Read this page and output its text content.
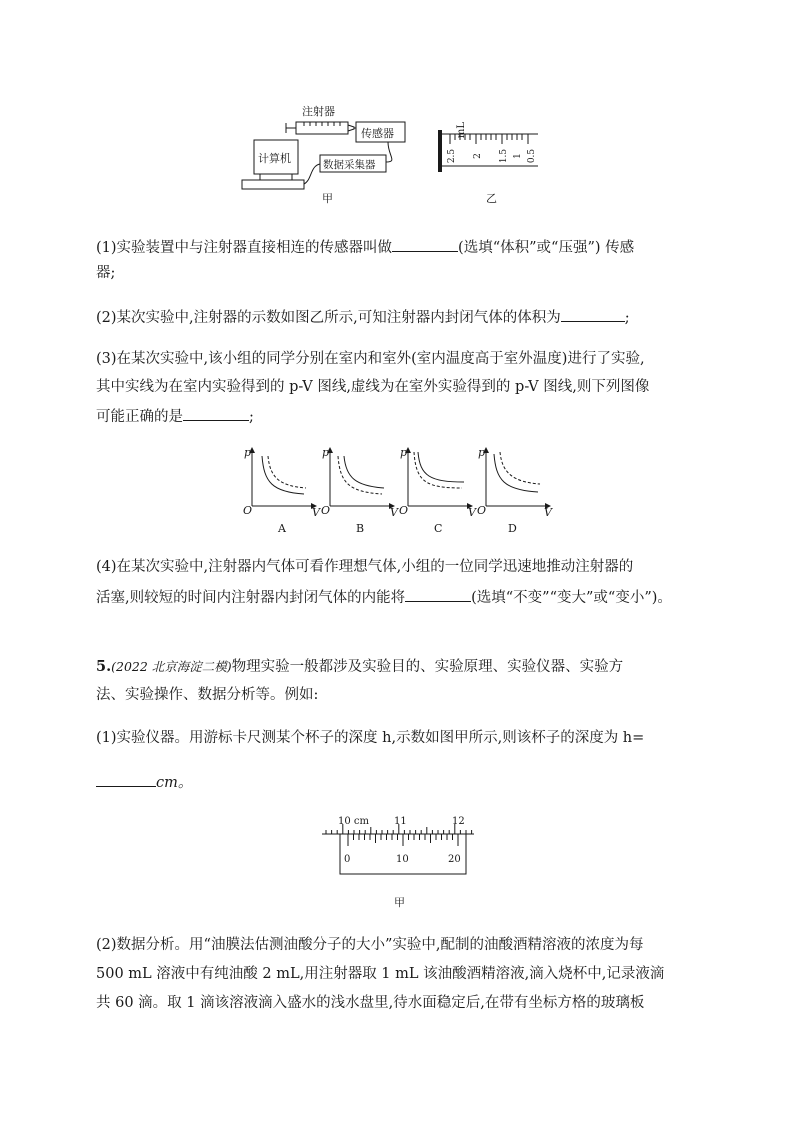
注射器
传感器
计算机	数据采集器
甲
mL
2.5 2 1.5 1 0.5
乙
(1)实验装置中与注射器直接相连的传感器叫做	(选填“体积”或“压强”) 传感
器;
(2)某次实验中,注射器的示数如图乙所示,可知注射器内封闭气体的体积为	;
(3)在某次实验中,该小组的同学分别在室内和室外(室内温度高于室外温度)进行了实验,
其中实线为在室内实验得到的 p-V 图线,虚线为在室外实验得到的 p-V 图线,则下列图像
可能正确的是	;
p
O	V
A
p
O	V
B
p
O	V
C
p
O	V
D
(4)在某次实验中,注射器内气体可看作理想气体,小组的一位同学迅速地推动注射器的
活塞,则较短的时间内注射器内封闭气体的内能将	(选填“不变”“变大”或“变小”)。
5.(2022 北京海淀二模)物理实验一般都涉及实验目的、实验原理、实验仪器、实验方
法、实验操作、数据分析等。例如:
(1)实验仪器。用游标卡尺测某个杯子的深度 h,示数如图甲所示,则该杯子的深度为 h=
cm。
10 cm	11	12
0	10	20
甲
(2)数据分析。用“油膜法估测油酸分子的大小”实验中,配制的油酸酒精溶液的浓度为每
500 mL 溶液中有纯油酸 2 mL,用注射器取 1 mL 该油酸酒精溶液,滴入烧杯中,记录液滴
共 60 滴。取 1 滴该溶液滴入盛水的浅水盘里,待水面稳定后,在带有坐标方格的玻璃板
